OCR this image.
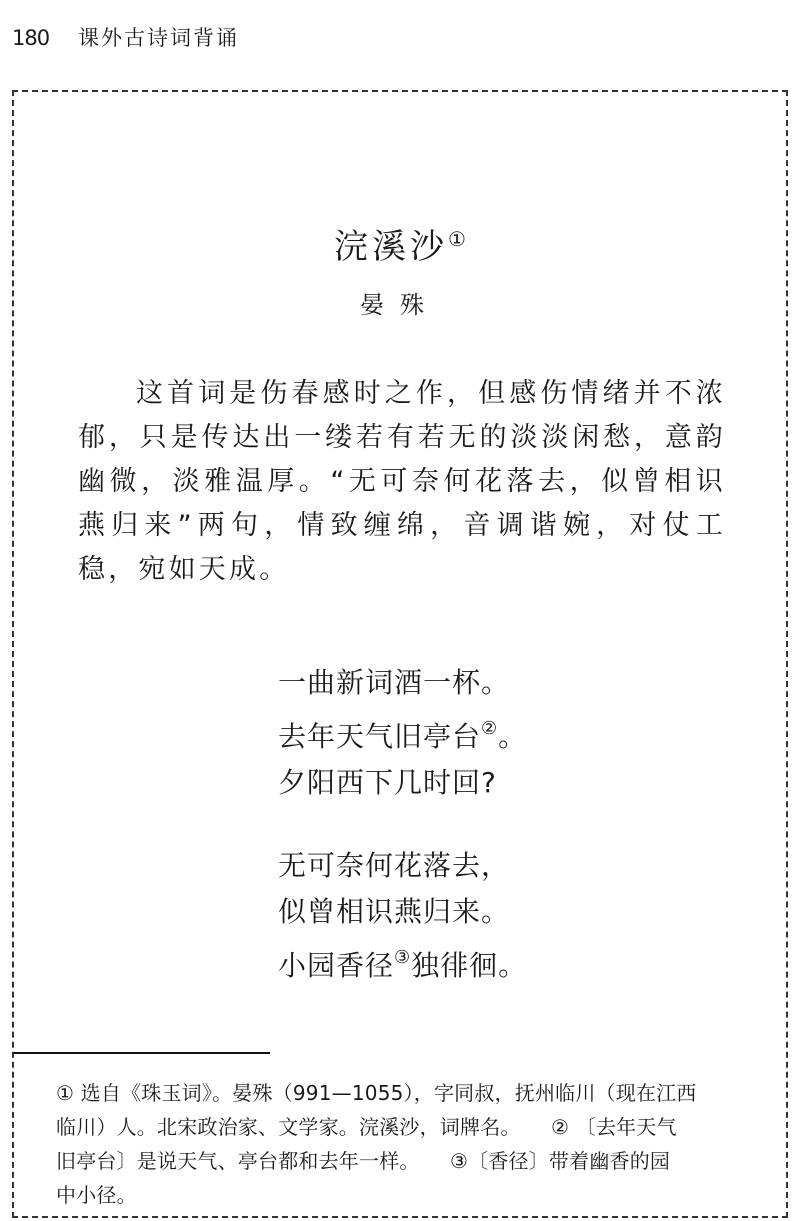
180 课外古诗词背诵
浣溪沙①
晏殊
这首词是伤春感时之作，但感伤情绪并不浓郁，只是传达出一缕若有若无的淡淡闲愁，意韵幽微，淡雅温厚。“无可奈何花落去，似曾相识燕归来”两句，情致缠绵，音调谐婉，对仗工稳，宛如天成。
一曲新词酒一杯。
去年天气旧亭台②。
夕阳西下几时回?
无可奈何花落去，
似曾相识燕归来。
小园香径③独徘徊。
① 选自《珠玉词》。晏殊（991—1055），字同叔，抚州临川（现在江西
临川）人。北宋政治家、文学家。浣溪沙，词牌名。　　② 〔去年天气
旧亭台〕是说天气、亭台都和去年一样。　　③〔香径〕带着幽香的园
中小径。
